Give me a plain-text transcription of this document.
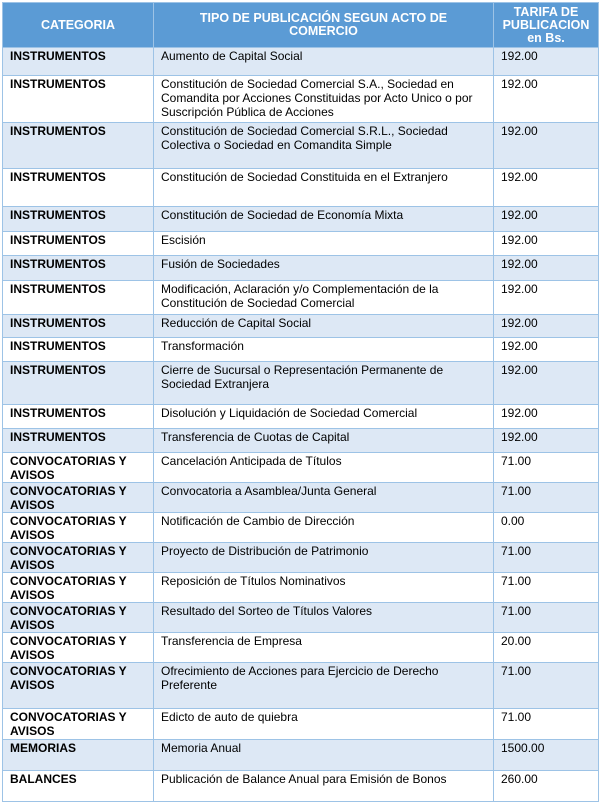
CATEGORIA	TIPO DE PUBLICACIÓN SEGUN ACTO DE COMERCIO	TARIFA DE PUBLICACION en Bs.
INSTRUMENTOS	Aumento de Capital Social	192.00
INSTRUMENTOS	Constitución de Sociedad Comercial S.A., Sociedad en Comandita por Acciones Constituidas por Acto Unico o por Suscripción Pública de Acciones	192.00
INSTRUMENTOS	Constitución de Sociedad Comercial S.R.L., Sociedad Colectiva o Sociedad en Comandita Simple	192.00
INSTRUMENTOS	Constitución de Sociedad Constituida en el Extranjero	192.00
INSTRUMENTOS	Constitución de Sociedad de Economía Mixta	192.00
INSTRUMENTOS	Escisión	192.00
INSTRUMENTOS	Fusión de Sociedades	192.00
INSTRUMENTOS	Modificación, Aclaración y/o Complementación de la Constitución de Sociedad Comercial	192.00
INSTRUMENTOS	Reducción de Capital Social	192.00
INSTRUMENTOS	Transformación	192.00
INSTRUMENTOS	Cierre de Sucursal o Representación Permanente de Sociedad Extranjera	192.00
INSTRUMENTOS	Disolución y Liquidación de Sociedad Comercial	192.00
INSTRUMENTOS	Transferencia de Cuotas de Capital	192.00
CONVOCATORIAS Y AVISOS	Cancelación Anticipada de Títulos	71.00
CONVOCATORIAS Y AVISOS	Convocatoria a Asamblea/Junta General	71.00
CONVOCATORIAS Y AVISOS	Notificación de Cambio de Dirección	0.00
CONVOCATORIAS Y AVISOS	Proyecto de Distribución de Patrimonio	71.00
CONVOCATORIAS Y AVISOS	Reposición de Títulos Nominativos	71.00
CONVOCATORIAS Y AVISOS	Resultado del Sorteo de Títulos Valores	71.00
CONVOCATORIAS Y AVISOS	Transferencia de Empresa	20.00
CONVOCATORIAS Y AVISOS	Ofrecimiento de Acciones para Ejercicio de Derecho Preferente	71.00
CONVOCATORIAS Y AVISOS	Edicto de auto de quiebra	71.00
MEMORIAS	Memoria Anual	1500.00
BALANCES	Publicación de Balance Anual para Emisión de Bonos	260.00
